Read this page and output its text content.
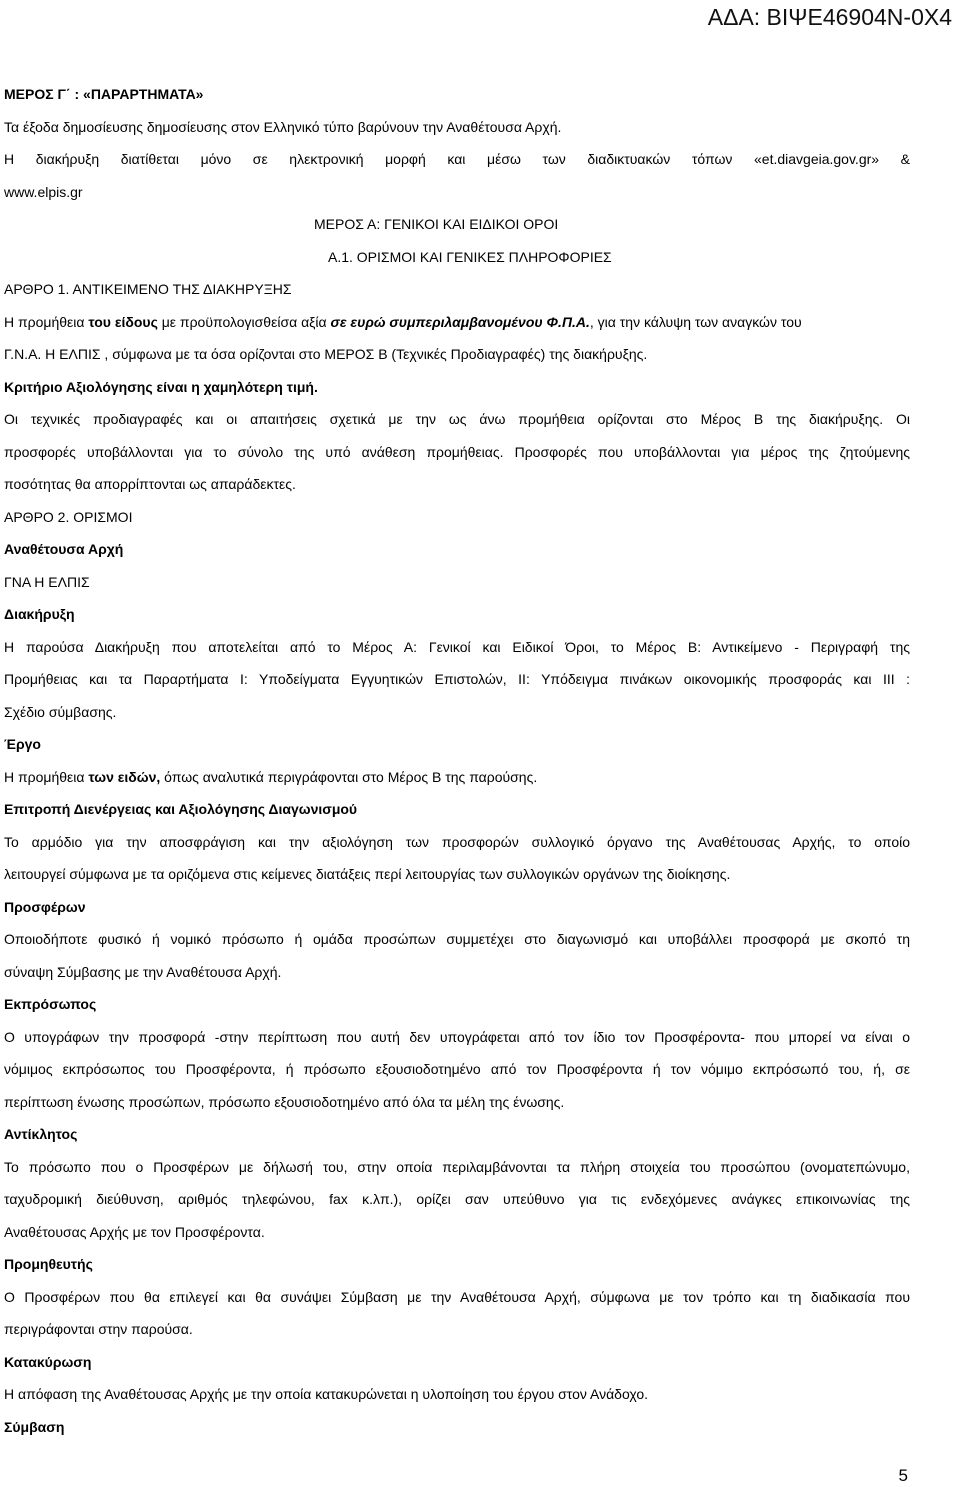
ΑΔΑ: ΒΙΨΕ46904Ν-0Χ4
ΜΕΡΟΣ Γ΄ : «ΠΑΡΑΡΤΗΜΑΤΑ»
Τα έξοδα δημοσίευσης δημοσίευσης στον Ελληνικό τύπο βαρύνουν την Αναθέτουσα Αρχή.
Η διακήρυξη διατίθεται μόνο σε ηλεκτρονική μορφή και μέσω των διαδικτυακών τόπων «et.diavgeia.gov.gr» &
www.elpis.gr
ΜΕΡΟΣ Α: ΓΕΝΙΚΟΙ ΚΑΙ ΕΙΔΙΚΟΙ ΟΡΟΙ
Α.1. ΟΡΙΣΜΟΙ ΚΑΙ ΓΕΝΙΚΕΣ ΠΛΗΡΟΦΟΡΙΕΣ
ΑΡΘΡΟ 1. ΑΝΤΙΚΕΙΜΕΝΟ ΤΗΣ ΔΙΑΚΗΡΥΞΗΣ
Η προμήθεια του είδους με προϋπολογισθείσα αξία σε ευρώ συμπεριλαμβανομένου Φ.Π.Α., για την κάλυψη των αναγκών του
Γ.Ν.Α. Η ΕΛΠΙΣ , σύμφωνα με τα όσα ορίζονται στο ΜΕΡΟΣ Β (Τεχνικές Προδιαγραφές) της διακήρυξης.
Κριτήριο Αξιολόγησης είναι η χαμηλότερη τιμή.
Οι τεχνικές προδιαγραφές και οι απαιτήσεις σχετικά με την ως άνω προμήθεια ορίζονται στο Μέρος Β της διακήρυξης. Οι
προσφορές υποβάλλονται για το σύνολο της υπό ανάθεση προμήθειας. Προσφορές που υποβάλλονται για μέρος της ζητούμενης
ποσότητας θα απορρίπτονται ως απαράδεκτες.
ΑΡΘΡΟ 2. ΟΡΙΣΜΟΙ
Αναθέτουσα Αρχή
ΓΝΑ Η ΕΛΠΙΣ
Διακήρυξη
Η παρούσα Διακήρυξη που αποτελείται από το Μέρος Α: Γενικοί και Ειδικοί Όροι, το Μέρος Β: Αντικείμενο - Περιγραφή της
Προμήθειας και τα Παραρτήματα Ι: Υποδείγματα Εγγυητικών Επιστολών, ΙΙ: Υπόδειγμα πινάκων οικονομικής προσφοράς και ΙΙΙ :
Σχέδιο σύμβασης.
Έργο
Η προμήθεια των ειδών, όπως αναλυτικά περιγράφονται στο Μέρος Β της παρούσης.
Επιτροπή Διενέργειας και Αξιολόγησης Διαγωνισμού
Το αρμόδιο για την αποσφράγιση και την αξιολόγηση των προσφορών συλλογικό όργανο της Αναθέτουσας Αρχής, το οποίο
λειτουργεί σύμφωνα με τα οριζόμενα στις κείμενες διατάξεις περί λειτουργίας των συλλογικών οργάνων της διοίκησης.
Προσφέρων
Οποιοδήποτε φυσικό ή νομικό πρόσωπο ή ομάδα προσώπων συμμετέχει στο διαγωνισμό και υποβάλλει προσφορά με σκοπό τη
σύναψη Σύμβασης με την Αναθέτουσα Αρχή.
Εκπρόσωπος
Ο υπογράφων την προσφορά -στην περίπτωση που αυτή δεν υπογράφεται από τον ίδιο τον Προσφέροντα- που μπορεί να είναι ο
νόμιμος εκπρόσωπος του Προσφέροντα, ή πρόσωπο εξουσιοδοτημένο από τον Προσφέροντα ή τον νόμιμο εκπρόσωπό του, ή, σε
περίπτωση ένωσης προσώπων, πρόσωπο εξουσιοδοτημένο από όλα τα μέλη της ένωσης.
Αντίκλητος
Το πρόσωπο που ο Προσφέρων με δήλωσή του, στην οποία περιλαμβάνονται τα πλήρη στοιχεία του προσώπου (ονοματεπώνυμο,
ταχυδρομική διεύθυνση, αριθμός τηλεφώνου, fax κ.λπ.), ορίζει σαν υπεύθυνο για τις ενδεχόμενες ανάγκες επικοινωνίας της
Αναθέτουσας Αρχής με τον Προσφέροντα.
Προμηθευτής
Ο Προσφέρων που θα επιλεγεί και θα συνάψει Σύμβαση με την Αναθέτουσα Αρχή, σύμφωνα με τον τρόπο και τη διαδικασία που
περιγράφονται στην παρούσα.
Κατακύρωση
Η απόφαση της Αναθέτουσας Αρχής με την οποία κατακυρώνεται η υλοποίηση του έργου στον Ανάδοχο.
Σύμβαση
5
